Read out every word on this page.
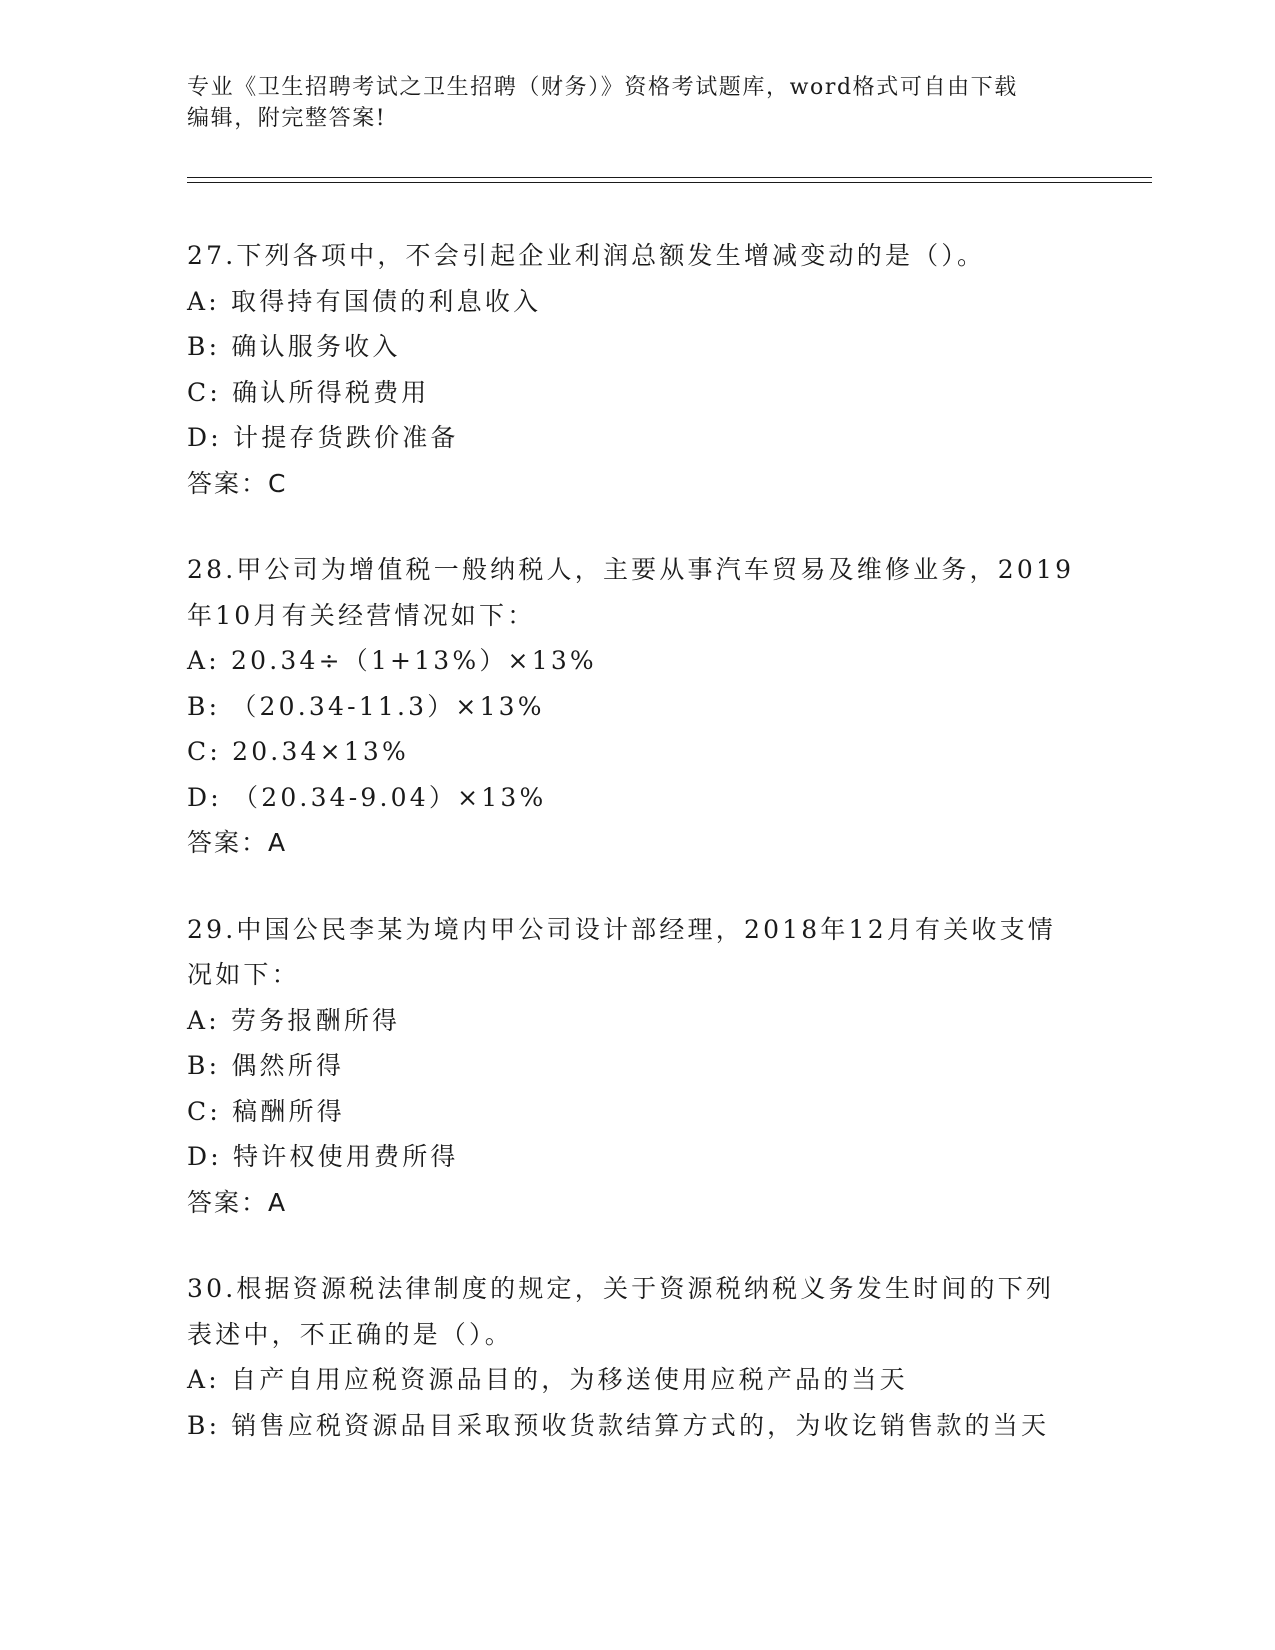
专业《卫生招聘考试之卫生招聘（财务）》资格考试题库，word格式可自由下载
编辑，附完整答案!
27.下列各项中，不会引起企业利润总额发生增减变动的是（）。
A: 取得持有国债的利息收入
B: 确认服务收入
C: 确认所得税费用
D: 计提存货跌价准备
答案：C
28.甲公司为增值税一般纳税人，主要从事汽车贸易及维修业务，2019
年10月有关经营情况如下：
A: 20.34÷（1+13%）×13%
B: （20.34-11.3）×13%
C: 20.34×13%
D: （20.34-9.04）×13%
答案：A
29.中国公民李某为境内甲公司设计部经理，2018年12月有关收支情
况如下：
A: 劳务报酬所得
B: 偶然所得
C: 稿酬所得
D: 特许权使用费所得
答案：A
30.根据资源税法律制度的规定，关于资源税纳税义务发生时间的下列
表述中，不正确的是（）。
A: 自产自用应税资源品目的，为移送使用应税产品的当天
B: 销售应税资源品目采取预收货款结算方式的，为收讫销售款的当天
